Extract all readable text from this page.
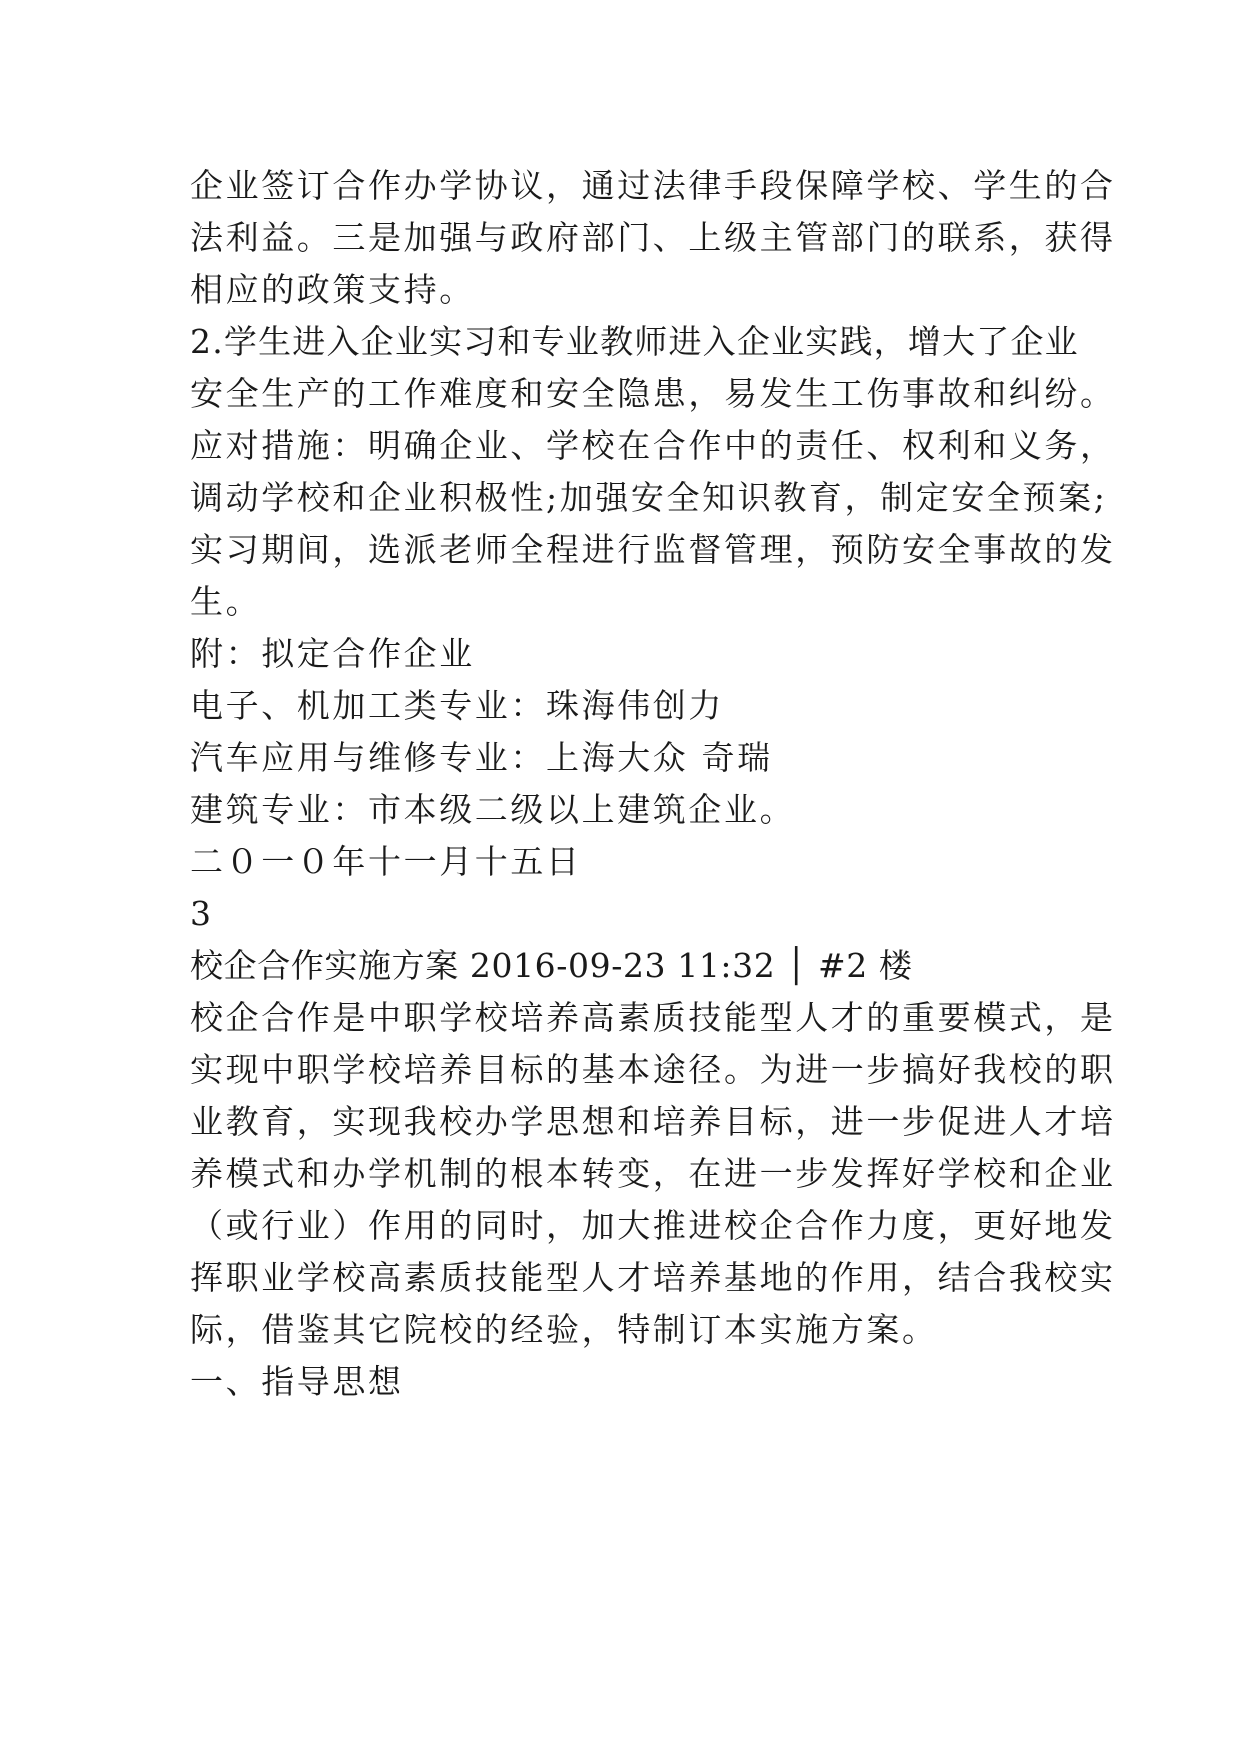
企业签订合作办学协议，通过法律手段保障学校、学生的合
法利益。三是加强与政府部门、上级主管部门的联系，获得
相应的政策支持。
2.学生进入企业实习和专业教师进入企业实践，增大了企业
安全生产的工作难度和安全隐患，易发生工伤事故和纠纷。
应对措施：明确企业、学校在合作中的责任、权利和义务，
调动学校和企业积极性;加强安全知识教育，制定安全预案;
实习期间，选派老师全程进行监督管理，预防安全事故的发
生。
附：拟定合作企业
电子、机加工类专业：珠海伟创力
汽车应用与维修专业：上海大众 奇瑞
建筑专业：市本级二级以上建筑企业。
二０一０年十一月十五日
3
校企合作实施方案 2016-09-23 11:32 │ #2 楼
校企合作是中职学校培养高素质技能型人才的重要模式，是
实现中职学校培养目标的基本途径。为进一步搞好我校的职
业教育，实现我校办学思想和培养目标，进一步促进人才培
养模式和办学机制的根本转变，在进一步发挥好学校和企业
（或行业）作用的同时，加大推进校企合作力度，更好地发
挥职业学校高素质技能型人才培养基地的作用，结合我校实
际，借鉴其它院校的经验，特制订本实施方案。
一、指导思想
